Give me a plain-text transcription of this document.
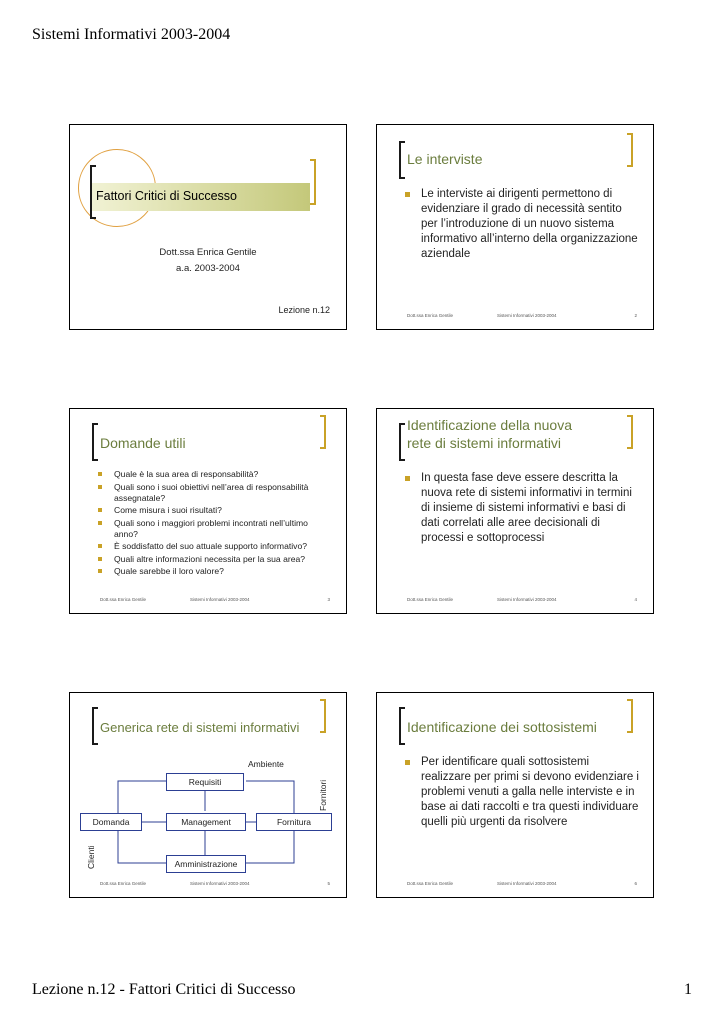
Sistemi Informativi 2003-2004
Fattori Critici di Successo
Dott.ssa Enrica Gentile
a.a. 2003-2004
Lezione n.12
Le interviste
Le interviste ai dirigenti permettono di evidenziare il grado di necessità sentito per l’introduzione di un nuovo sistema informativo all’interno della organizzazione aziendale
Dott.ssa Enrica Gentile	Sistemi Informativi 2003-2004	2
Domande utili
Quale è la sua area di responsabilità?
Quali sono i suoi obiettivi nell’area di responsabilità assegnatale?
Come misura i suoi risultati?
Quali sono i maggiori problemi incontrati nell’ultimo anno?
È soddisfatto del suo attuale supporto informativo?
Quali altre informazioni necessita per la sua area?
Quale sarebbe il loro valore?
Dott.ssa Enrica Gentile	Sistemi Informativi 2003-2004	3
Identificazione della nuova
rete di sistemi informativi
In questa fase deve essere descritta la nuova rete di sistemi informativi in termini di insieme di sistemi informativi e basi di dati correlati alle aree decisionali di processi e sottoprocessi
Dott.ssa Enrica Gentile	Sistemi Informativi 2003-2004	4
Generica rete di sistemi informativi
Ambiente
Requisiti
Domanda	Management	Fornitura
Amministrazione
Clienti
Fornitori
Dott.ssa Enrica Gentile	Sistemi Informativi 2003-2004	5
Identificazione dei sottosistemi
Per identificare quali sottosistemi realizzare per primi si devono evidenziare i problemi venuti a galla nelle interviste e in base ai dati raccolti e tra questi individuare quelli più urgenti da risolvere
Dott.ssa Enrica Gentile	Sistemi Informativi 2003-2004	6
Lezione n.12 - Fattori Critici di Successo	1
